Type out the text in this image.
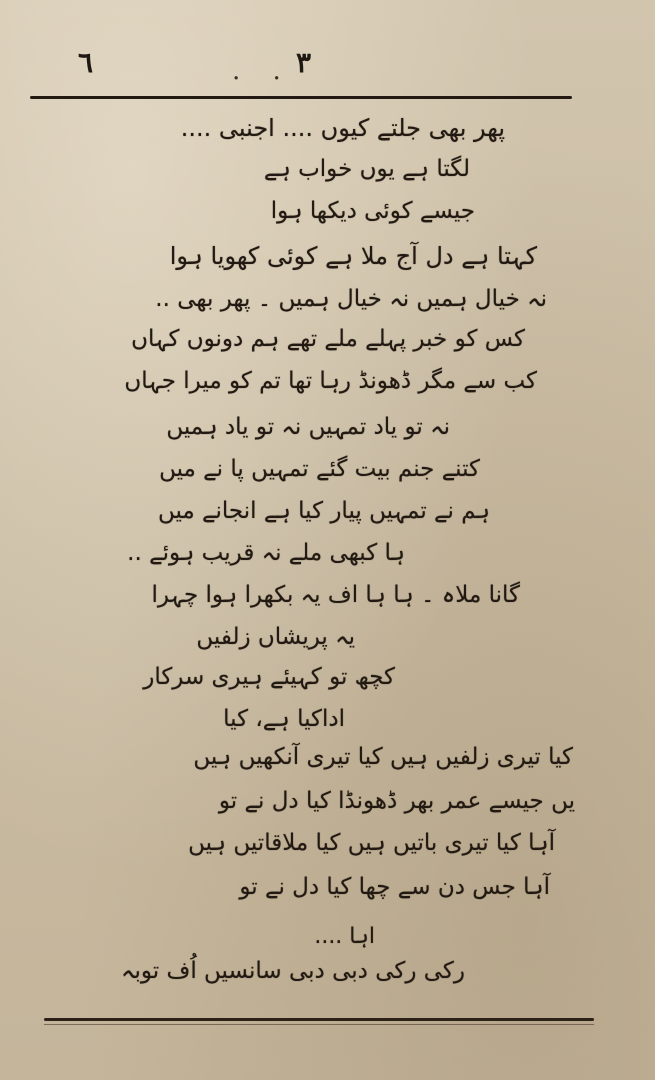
٦	. . ٣
پھر بھی جلتے کیوں .... اجنبی ....
لگتا ہے یوں خواب ہے
جیسے کوئی دیکھا ہوا
کہتا ہے دل آج ملا ہے کوئی کھویا ہوا
نہ خیال ہمیں نہ خیال ہمیں ۔ پھر بھی ..
کس کو خبر پہلے ملے تھے ہم دونوں کہاں
کب سے مگر ڈھونڈ رہا تھا تم کو میرا جہاں
نہ تو یاد تمہیں نہ تو یاد ہمیں
کتنے جنم بیت گئے تمہیں پا نے میں
ہم نے تمہیں پیار کیا ہے انجانے میں
ہا کبھی ملے نہ قریب ہوئے ..
گانا ملاہ ۔ ہا ہا اف یہ بکھرا ہوا چہرا
یہ پریشاں زلفیں
کچھ تو کہیئے ہیری سرکار
اداکیا ہے، کیا
کیا تیری زلفیں ہیں کیا تیری آنکھیں ہیں
یں جیسے عمر بھر ڈھونڈا کیا دل نے تو
آہا کیا تیری باتیں ہیں کیا ملاقاتیں ہیں
آہا جس دن سے چھا کیا دل نے تو
اہا ....
رکی رکی دبی دبی سانسیں اُف توبہ
